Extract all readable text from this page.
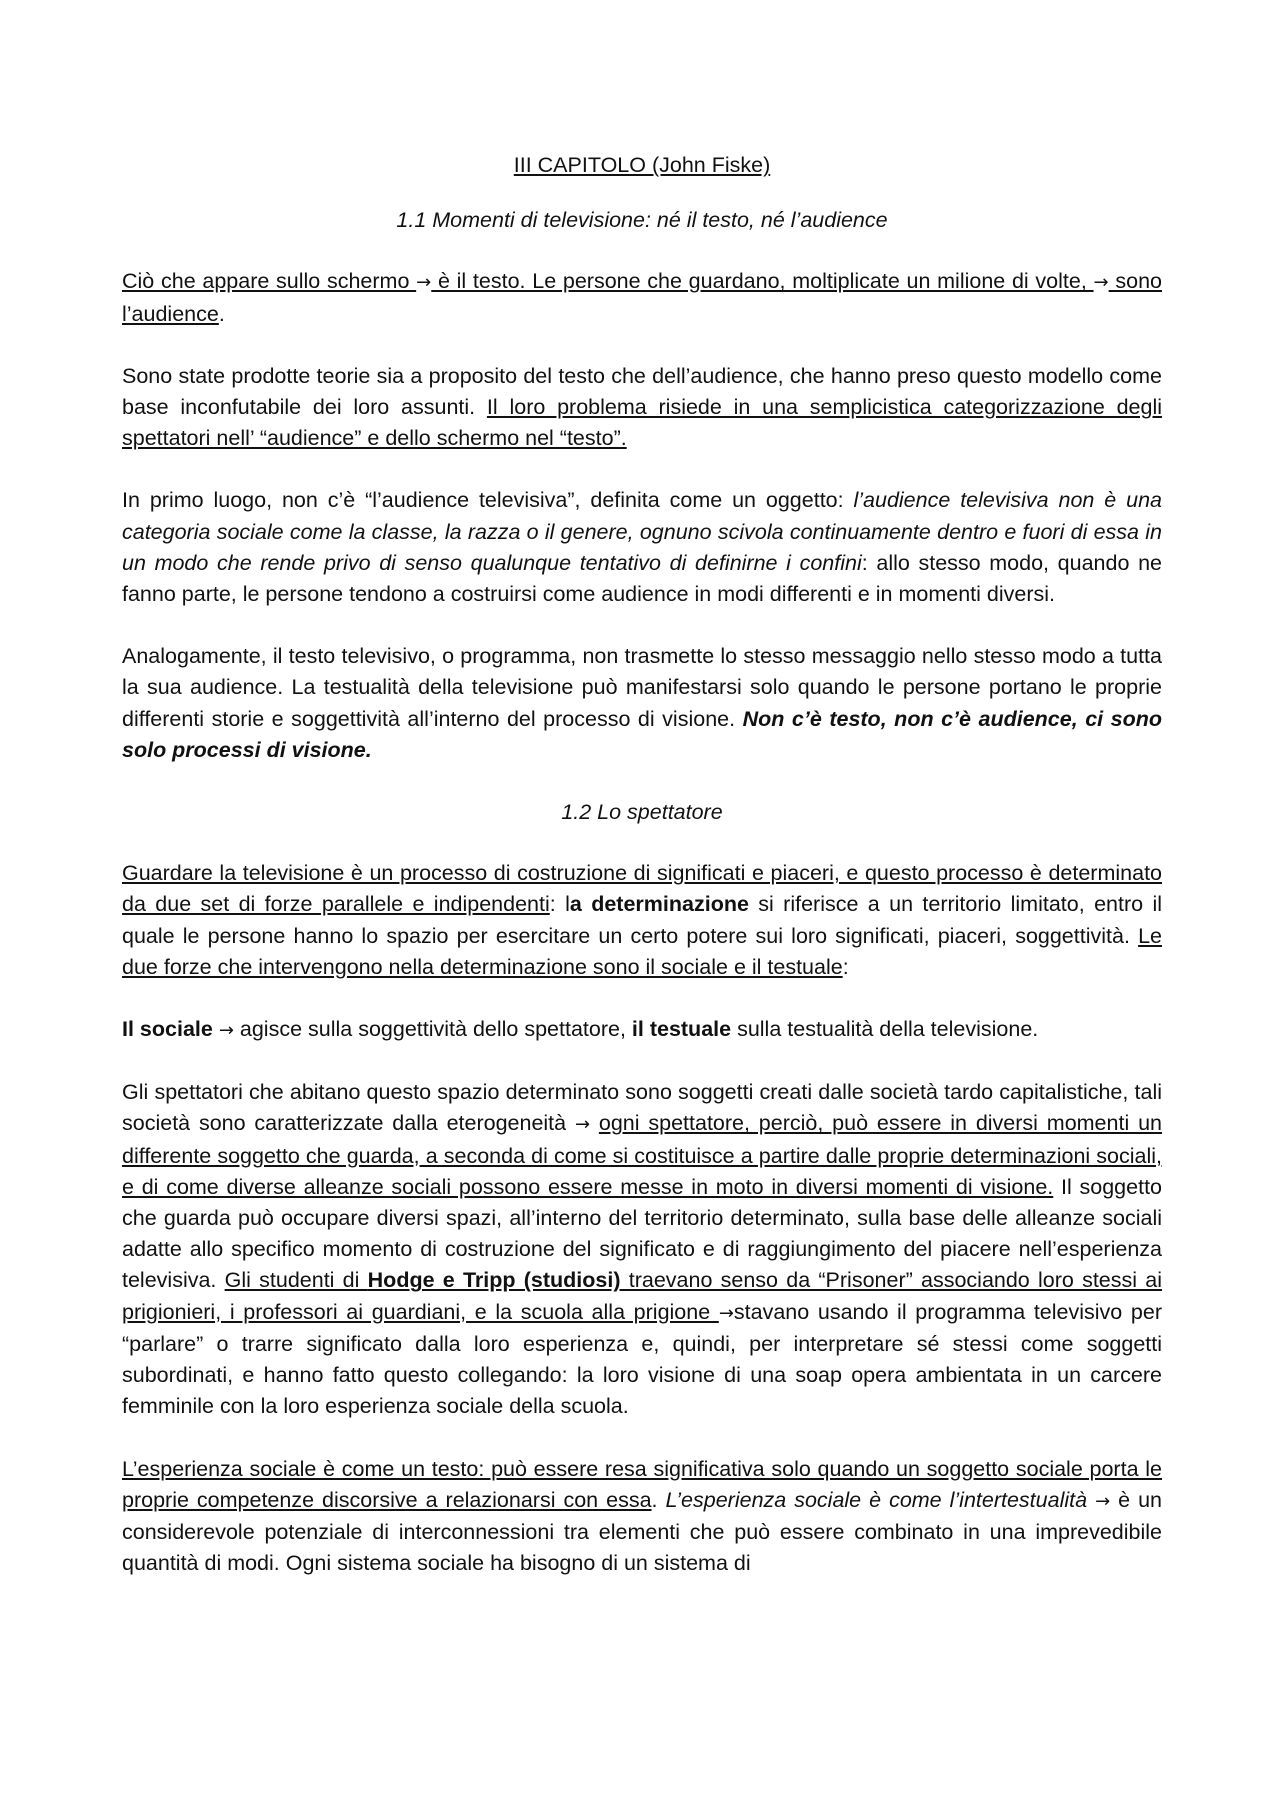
III CAPITOLO (John Fiske)
1.1 Momenti di televisione: né il testo, né l’audience

Ciò che appare sullo schermo → è il testo. Le persone che guardano, moltiplicate un milione di volte, → sono l’audience.

Sono state prodotte teorie sia a proposito del testo che dell’audience, che hanno preso questo modello come base inconfutabile dei loro assunti. Il loro problema risiede in una semplicistica categorizzazione degli spettatori nell’ “audience” e dello schermo nel “testo”.

In primo luogo, non c’è “l’audience televisiva”, definita come un oggetto: l’audience televisiva non è una categoria sociale come la classe, la razza o il genere, ognuno scivola continuamente dentro e fuori di essa in un modo che rende privo di senso qualunque tentativo di definirne i confini: allo stesso modo, quando ne fanno parte, le persone tendono a costruirsi come audience in modi differenti e in momenti diversi.

Analogamente, il testo televisivo, o programma, non trasmette lo stesso messaggio nello stesso modo a tutta la sua audience. La testualità della televisione può manifestarsi solo quando le persone portano le proprie differenti storie e soggettività all’interno del processo di visione. Non c’è testo, non c’è audience, ci sono solo processi di visione.

1.2 Lo spettatore

Guardare la televisione è un processo di costruzione di significati e piaceri, e questo processo è determinato da due set di forze parallele e indipendenti: la determinazione si riferisce a un territorio limitato, entro il quale le persone hanno lo spazio per esercitare un certo potere sui loro significati, piaceri, soggettività. Le due forze che intervengono nella determinazione sono il sociale e il testuale:

Il sociale → agisce sulla soggettività dello spettatore, il testuale sulla testualità della televisione.

Gli spettatori che abitano questo spazio determinato sono soggetti creati dalle società tardo capitalistiche, tali società sono caratterizzate dalla eterogeneità → ogni spettatore, perciò, può essere in diversi momenti un differente soggetto che guarda, a seconda di come si costituisce a partire dalle proprie determinazioni sociali, e di come diverse alleanze sociali possono essere messe in moto in diversi momenti di visione. Il soggetto che guarda può occupare diversi spazi, all’interno del territorio determinato, sulla base delle alleanze sociali adatte allo specifico momento di costruzione del significato e di raggiungimento del piacere nell’esperienza televisiva. Gli studenti di Hodge e Tripp (studiosi) traevano senso da “Prisoner” associando loro stessi ai prigionieri, i professori ai guardiani, e la scuola alla prigione →stavano usando il programma televisivo per “parlare” o trarre significato dalla loro esperienza e, quindi, per interpretare sé stessi come soggetti subordinati, e hanno fatto questo collegando: la loro visione di una soap opera ambientata in un carcere femminile con la loro esperienza sociale della scuola.

L’esperienza sociale è come un testo: può essere resa significativa solo quando un soggetto sociale porta le proprie competenze discorsive a relazionarsi con essa. L’esperienza sociale è come l’intertestualità → è un considerevole potenziale di interconnessioni tra elementi che può essere combinato in una imprevedibile quantità di modi. Ogni sistema sociale ha bisogno di un sistema di
